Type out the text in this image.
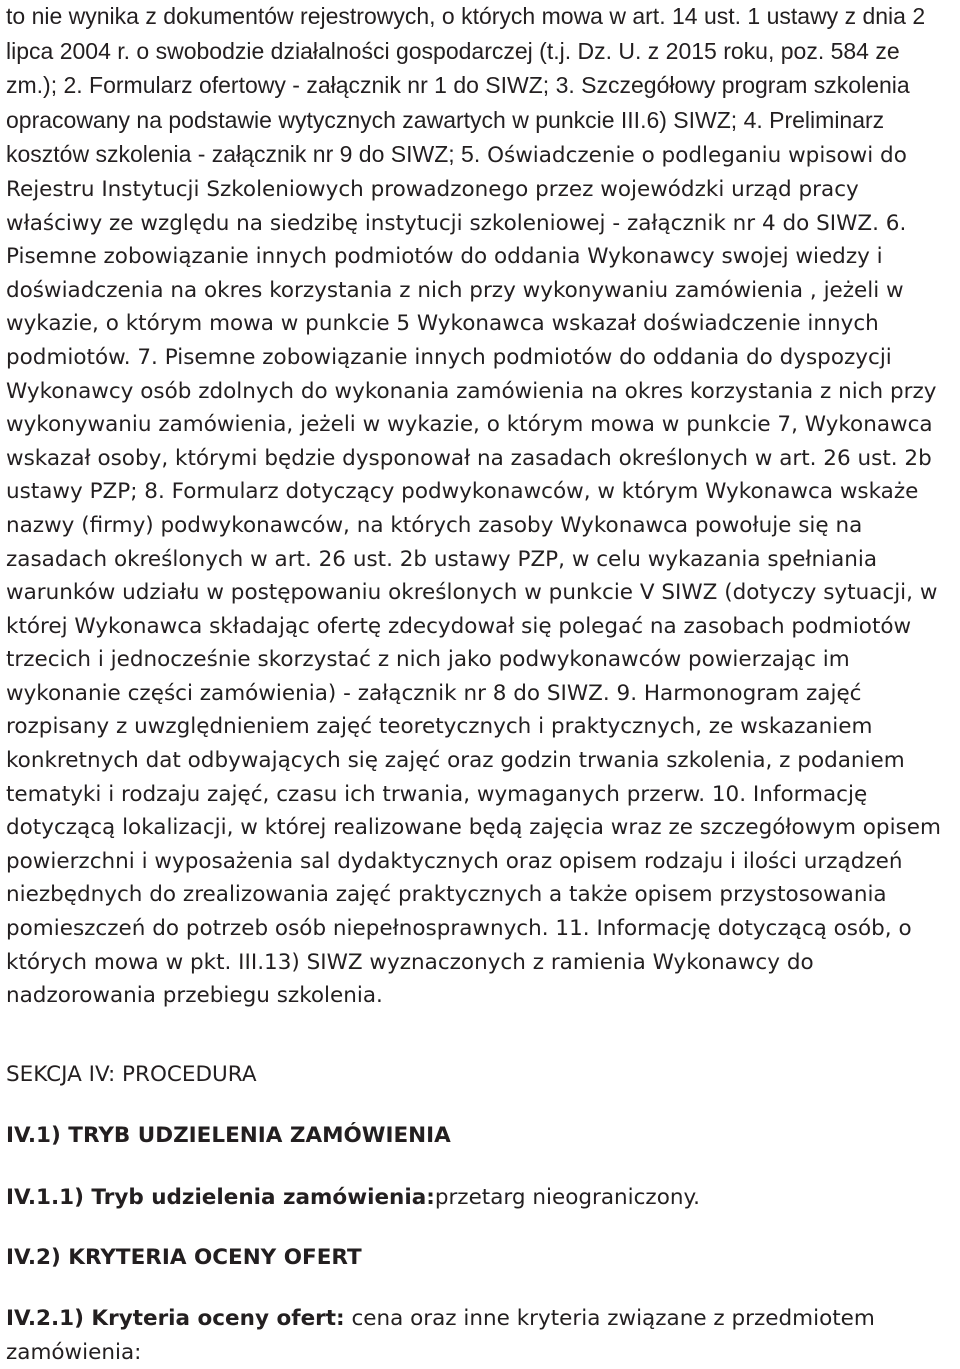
to nie wynika z dokumentów rejestrowych, o których mowa w art. 14 ust. 1 ustawy z dnia 2 lipca 2004 r. o swobodzie działalności gospodarczej (t.j. Dz. U. z 2015 roku, poz. 584 ze zm.); 2. Formularz ofertowy - załącznik nr 1 do SIWZ; 3. Szczegółowy program szkolenia opracowany na podstawie wytycznych zawartych w punkcie III.6) SIWZ; 4. Preliminarz kosztów szkolenia - załącznik nr 9 do SIWZ; 5. Oświadczenie o podleganiu wpisowi do Rejestru Instytucji Szkoleniowych prowadzonego przez wojewódzki urząd pracy właściwy ze względu na siedzibę instytucji szkoleniowej - załącznik nr 4 do SIWZ. 6. Pisemne zobowiązanie innych podmiotów do oddania Wykonawcy swojej wiedzy i doświadczenia na okres korzystania z nich przy wykonywaniu zamówienia , jeżeli w wykazie, o którym mowa w punkcie 5 Wykonawca wskazał doświadczenie innych podmiotów. 7. Pisemne zobowiązanie innych podmiotów do oddania do dyspozycji Wykonawcy osób zdolnych do wykonania zamówienia na okres korzystania z nich przy wykonywaniu zamówienia, jeżeli w wykazie, o którym mowa w punkcie 7, Wykonawca wskazał osoby, którymi będzie dysponował na zasadach określonych w art. 26 ust. 2b ustawy PZP; 8. Formularz dotyczący podwykonawców, w którym Wykonawca wskaże nazwy (firmy) podwykonawców, na których zasoby Wykonawca powołuje się na zasadach określonych w art. 26 ust. 2b ustawy PZP, w celu wykazania spełniania warunków udziału w postępowaniu określonych w punkcie V SIWZ (dotyczy sytuacji, w której Wykonawca składając ofertę zdecydował się polegać na zasobach podmiotów trzecich i jednocześnie skorzystać z nich jako podwykonawców powierzając im wykonanie części zamówienia) - załącznik nr 8 do SIWZ. 9. Harmonogram zajęć rozpisany z uwzględnieniem zajęć teoretycznych i praktycznych, ze wskazaniem konkretnych dat odbywających się zajęć oraz godzin trwania szkolenia, z podaniem tematyki i rodzaju zajęć, czasu ich trwania, wymaganych przerw. 10. Informację dotyczącą lokalizacji, w której realizowane będą zajęcia wraz ze szczegółowym opisem powierzchni i wyposażenia sal dydaktycznych oraz opisem rodzaju i ilości urządzeń niezbędnych do zrealizowania zajęć praktycznych a także opisem przystosowania pomieszczeń do potrzeb osób niepełnosprawnych. 11. Informację dotyczącą osób, o których mowa w pkt. III.13) SIWZ wyznaczonych z ramienia Wykonawcy do nadzorowania przebiegu szkolenia.

SEKCJA IV: PROCEDURA

IV.1) TRYB UDZIELENIA ZAMÓWIENIA

IV.1.1) Tryb udzielenia zamówienia:przetarg nieograniczony.

IV.2) KRYTERIA OCENY OFERT

IV.2.1) Kryteria oceny ofert: cena oraz inne kryteria związane z przedmiotem zamówienia:
